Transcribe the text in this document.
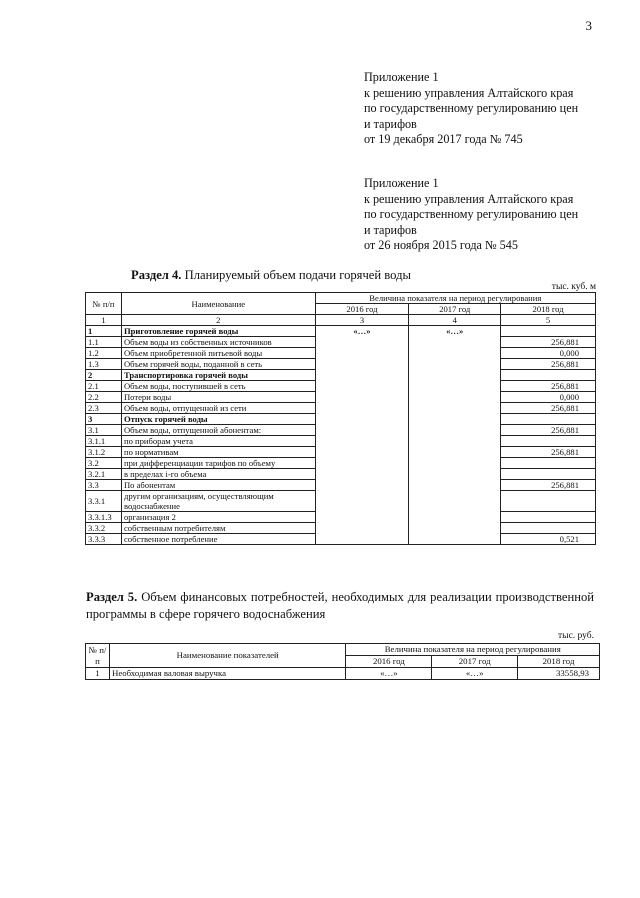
3
Приложение 1
к решению управления Алтайского края
по государственному регулированию цен
и тарифов
от 19 декабря 2017 года № 745
Приложение 1
к решению управления Алтайского края
по государственному регулированию цен
и тарифов
от 26 ноября 2015 года № 545
Раздел 4. Планируемый объем подачи горячей воды
тыс. куб. м
№ п/п	Наименование	Величина показателя на период регулирования		
		2016 год	2017 год	2018 год
1	2	3	4	5
1	Приготовление горячей воды	«…»	«…»	
1.1	Объем воды из собственных источников			256,881
1.2	Объем приобретенной питьевой воды			0,000
1.3	Объем горячей воды, поданной в сеть			256,881
2	Транспортировка горячей воды			
2.1	Объем воды, поступившей в сеть			256,881
2.2	Потери воды			0,000
2.3	Объем воды, отпущенной из сети			256,881
3	Отпуск горячей воды			
3.1	Объем воды, отпущенной абонентам:			256,881
3.1.1	по приборам учета			
3.1.2	по нормативам			256,881
3.2	при дифференциации тарифов по объему			
3.2.1	в пределах i-го объема			
3.3	По абонентам			256,881
3.3.1	другим организациям, осуществляющим водоснабжение			
3.3.1.3	организация 2			
3.3.2	собственным потребителям			
3.3.3	собственное потребление			0,521
Раздел 5. Объем финансовых потребностей, необходимых для реализации производственной программы в сфере горячего водоснабжения
тыс. руб.
№ п/п	Наименование показателей	Величина показателя на период регулирования		
		2016 год	2017 год	2018 год
1	Необходимая валовая выручка	«…»	«…»	33558,93
